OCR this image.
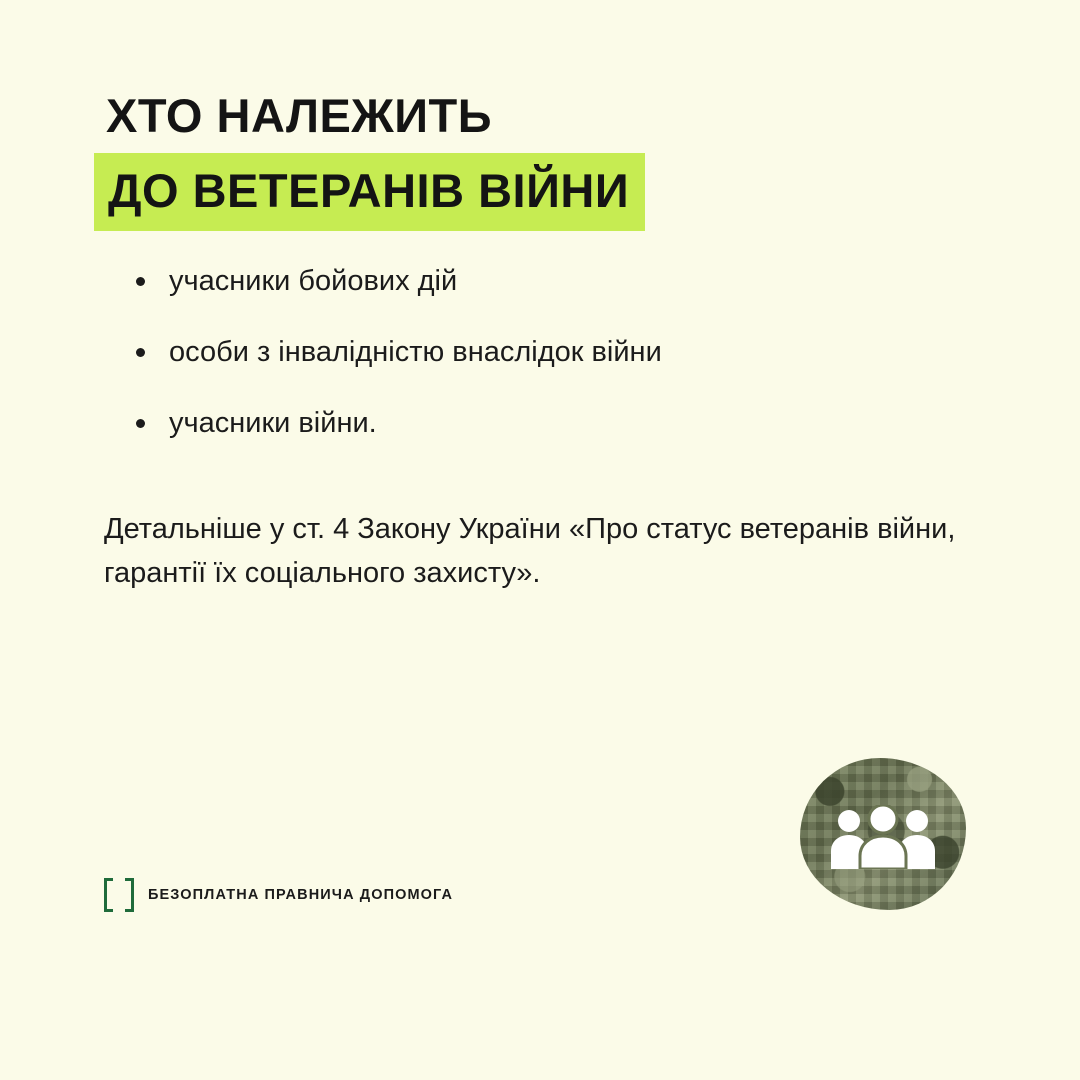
ХТО НАЛЕЖИТЬ
ДО ВЕТЕРАНІВ ВІЙНИ
учасники бойових дій
особи з інвалідністю внаслідок війни
учасники війни.

Детальніше у ст. 4 Закону України «Про статус ветеранів війни, гарантії їх соціального захисту».

БЕЗОПЛАТНА ПРАВНИЧА ДОПОМОГА
